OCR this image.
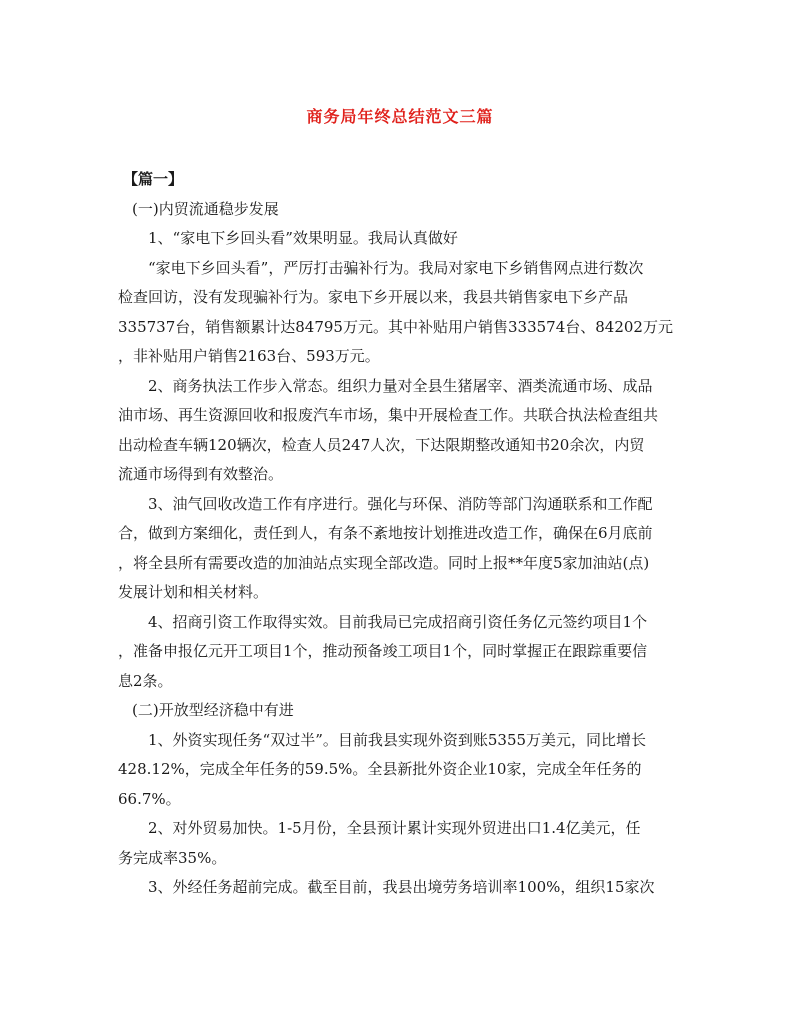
商务局年终总结范文三篇
【篇一】
(一)内贸流通稳步发展
1、“家电下乡回头看”效果明显。我局认真做好
“家电下乡回头看”，严厉打击骗补行为。我局对家电下乡销售网点进行数次
检查回访，没有发现骗补行为。家电下乡开展以来，我县共销售家电下乡产品
335737台，销售额累计达84795万元。其中补贴用户销售333574台、84202万元
，非补贴用户销售2163台、593万元。
2、商务执法工作步入常态。组织力量对全县生猪屠宰、酒类流通市场、成品
油市场、再生资源回收和报废汽车市场，集中开展检查工作。共联合执法检查组共
出动检查车辆120辆次，检查人员247人次，下达限期整改通知书20余次，内贸
流通市场得到有效整治。
3、油气回收改造工作有序进行。强化与环保、消防等部门沟通联系和工作配
合，做到方案细化，责任到人，有条不紊地按计划推进改造工作，确保在6月底前
，将全县所有需要改造的加油站点实现全部改造。同时上报**年度5家加油站(点)
发展计划和相关材料。
4、招商引资工作取得实效。目前我局已完成招商引资任务亿元签约项目1个
，准备申报亿元开工项目1个，推动预备竣工项目1个，同时掌握正在跟踪重要信
息2条。
(二)开放型经济稳中有进
1、外资实现任务“双过半”。目前我县实现外资到账5355万美元，同比增长
428.12%，完成全年任务的59.5%。全县新批外资企业10家，完成全年任务的
66.7%。
2、对外贸易加快。1-5月份，全县预计累计实现外贸进出口1.4亿美元，任
务完成率35%。
3、外经任务超前完成。截至目前，我县出境劳务培训率100%，组织15家次
